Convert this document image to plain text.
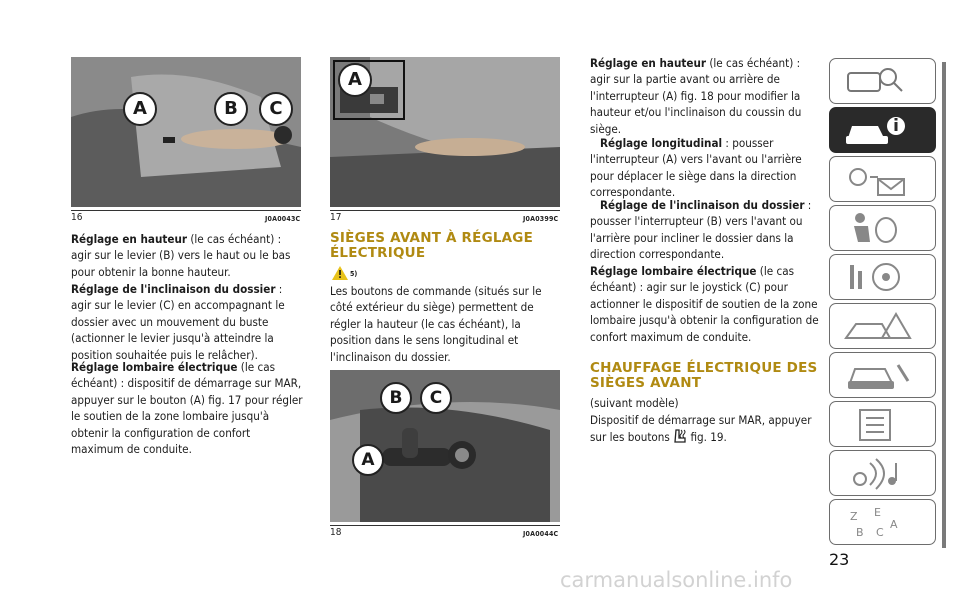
A	B	C
16	J0A0043C

Réglage en hauteur (le cas échéant) : agir sur le levier (B) vers le haut ou le bas pour obtenir la bonne hauteur.

Réglage de l'inclinaison du dossier : agir sur le levier (C) en accompagnant le dossier avec un mouvement du buste (actionner le levier jusqu'à atteindre la position souhaitée puis le relâcher).

Réglage lombaire électrique (le cas échéant) : dispositif de démarrage sur MAR, appuyer sur le bouton (A) fig. 17 pour régler le soutien de la zone lombaire jusqu'à obtenir la configuration de confort maximum de conduite.

A
17	J0A0399C
SIÈGES AVANT À RÉGLAGE ÉLECTRIQUE
5)

Les boutons de commande (situés sur le côté extérieur du siège) permettent de régler la hauteur (le cas échéant), la position dans le sens longitudinal et l'inclinaison du dossier.

B	C
A
18	J0A0044C

Réglage en hauteur (le cas échéant) : agir sur la partie avant ou arrière de l'interrupteur (A) fig. 18 pour modifier la hauteur et/ou l'inclinaison du coussin du siège.

Réglage longitudinal : pousser l'interrupteur (A) vers l'avant ou l'arrière pour déplacer le siège dans la direction correspondante.

Réglage de l'inclinaison du dossier : pousser l'interrupteur (B) vers l'avant ou l'arrière pour incliner le dossier dans la direction correspondante.

Réglage lombaire électrique (le cas échéant) : agir sur le joystick (C) pour actionner le dispositif de soutien de la zone lombaire jusqu'à obtenir la configuration de confort maximum de conduite.

CHAUFFAGE ÉLECTRIQUE DES SIÈGES AVANT

(suivant modèle)

Dispositif de démarrage sur MAR, appuyer sur les boutons fig. 19.

Z E
B C
A
23
carmanualsonline.info
